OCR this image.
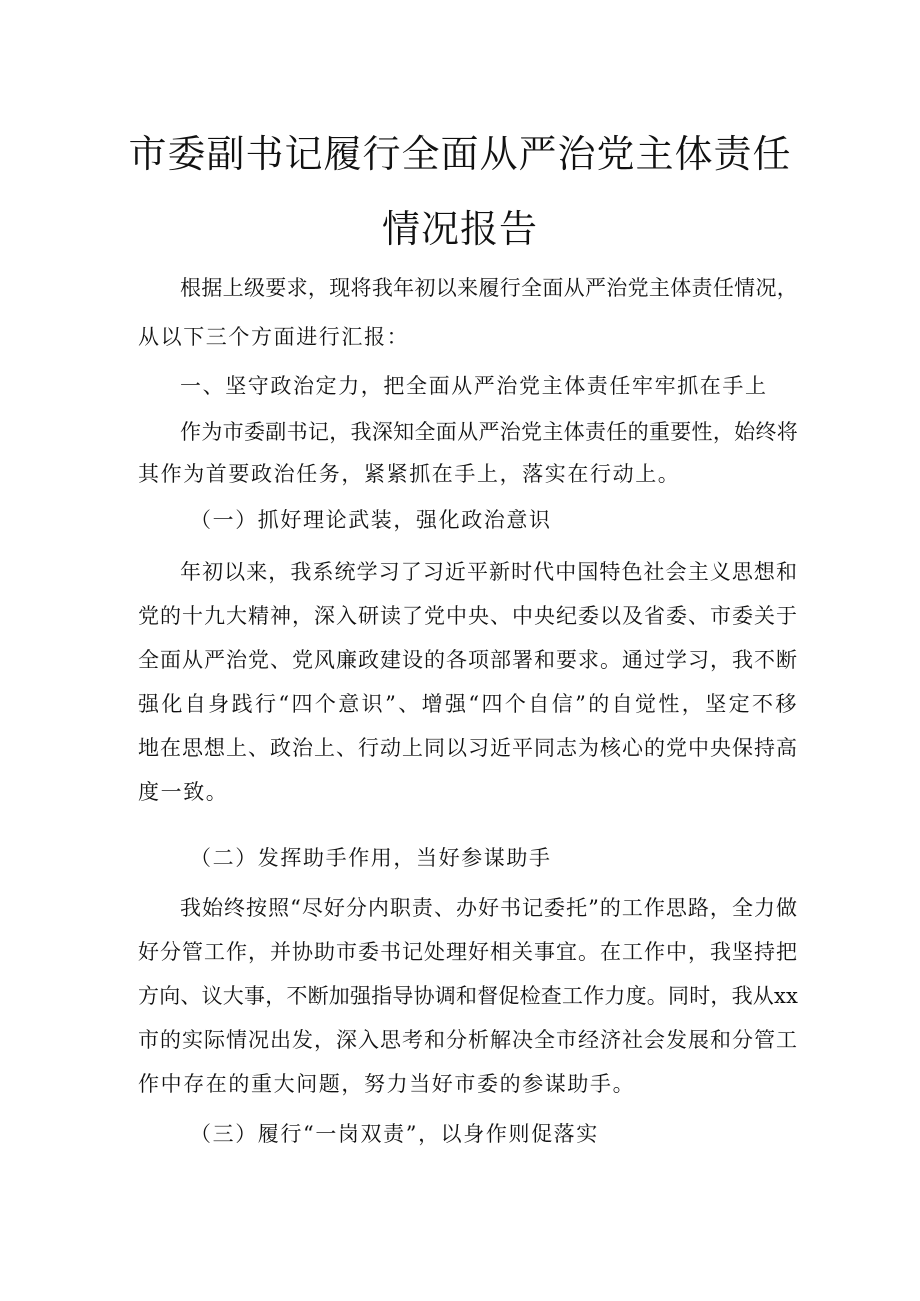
市委副书记履行全面从严治党主体责任
情况报告
根据上级要求，现将我年初以来履行全面从严治党主体责任情况，
从以下三个方面进行汇报：
一、坚守政治定力，把全面从严治党主体责任牢牢抓在手上
作为市委副书记，我深知全面从严治党主体责任的重要性，始终将
其作为首要政治任务，紧紧抓在手上，落实在行动上。
（一）抓好理论武装，强化政治意识
年初以来，我系统学习了习近平新时代中国特色社会主义思想和
党的十九大精神，深入研读了党中央、中央纪委以及省委、市委关于
全面从严治党、党风廉政建设的各项部署和要求。通过学习，我不断
强化自身践行“四个意识”、增强“四个自信”的自觉性，坚定不移
地在思想上、政治上、行动上同以习近平同志为核心的党中央保持高
度一致。
（二）发挥助手作用，当好参谋助手
我始终按照“尽好分内职责、办好书记委托”的工作思路，全力做
好分管工作，并协助市委书记处理好相关事宜。在工作中，我坚持把
方向、议大事，不断加强指导协调和督促检查工作力度。同时，我从xx
市的实际情况出发，深入思考和分析解决全市经济社会发展和分管工
作中存在的重大问题，努力当好市委的参谋助手。
（三）履行“一岗双责”，以身作则促落实
